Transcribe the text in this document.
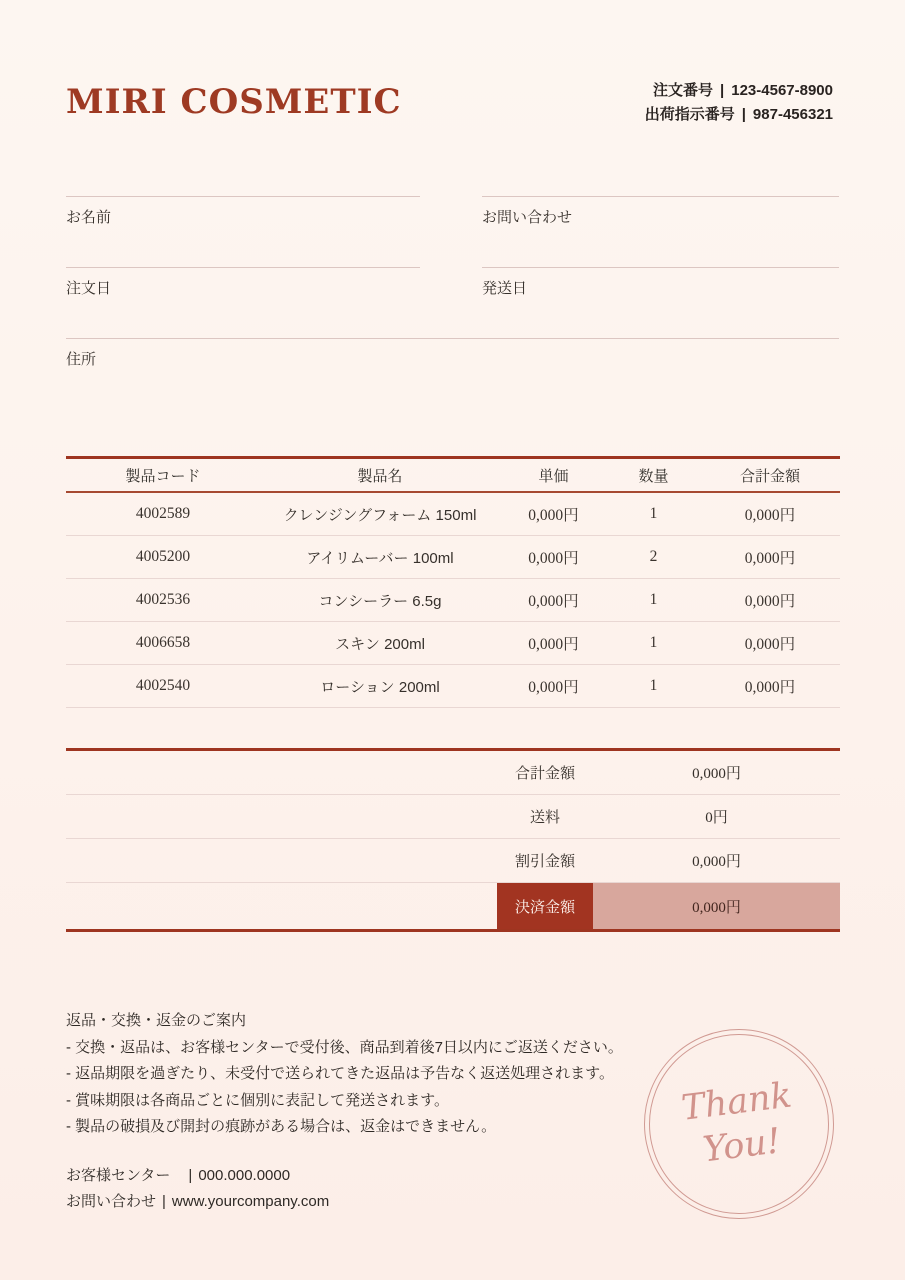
MIRI COSMETIC	注文番号 | 123-4567-8900
出荷指示番号 | 987-456321
お名前	お問い合わせ
注文日	発送日
住所
製品コード	製品名	単価	数量	合計金額
4002589	クレンジングフォーム 150ml	0,000円	1	0,000円
4005200	アイリムーバー 100ml	0,000円	2	0,000円
4002536	コンシーラー 6.5g	0,000円	1	0,000円
4006658	スキン 200ml	0,000円	1	0,000円
4002540	ローション 200ml	0,000円	1	0,000円
合計金額	0,000円
送料	0円
割引金額	0,000円
決済金額	0,000円
Thank
You!
返品・交換・返金のご案内
- 交換・返品は、お客様センターで受付後、商品到着後7日以内にご返送ください。
- 返品期限を過ぎたり、未受付で送られてきた返品は予告なく返送処理されます。
- 賞味期限は各商品ごとに個別に表記して発送されます。
- 製品の破損及び開封の痕跡がある場合は、返金はできません。
お客様センター | 000.000.0000
お問い合わせ | www.yourcompany.com
